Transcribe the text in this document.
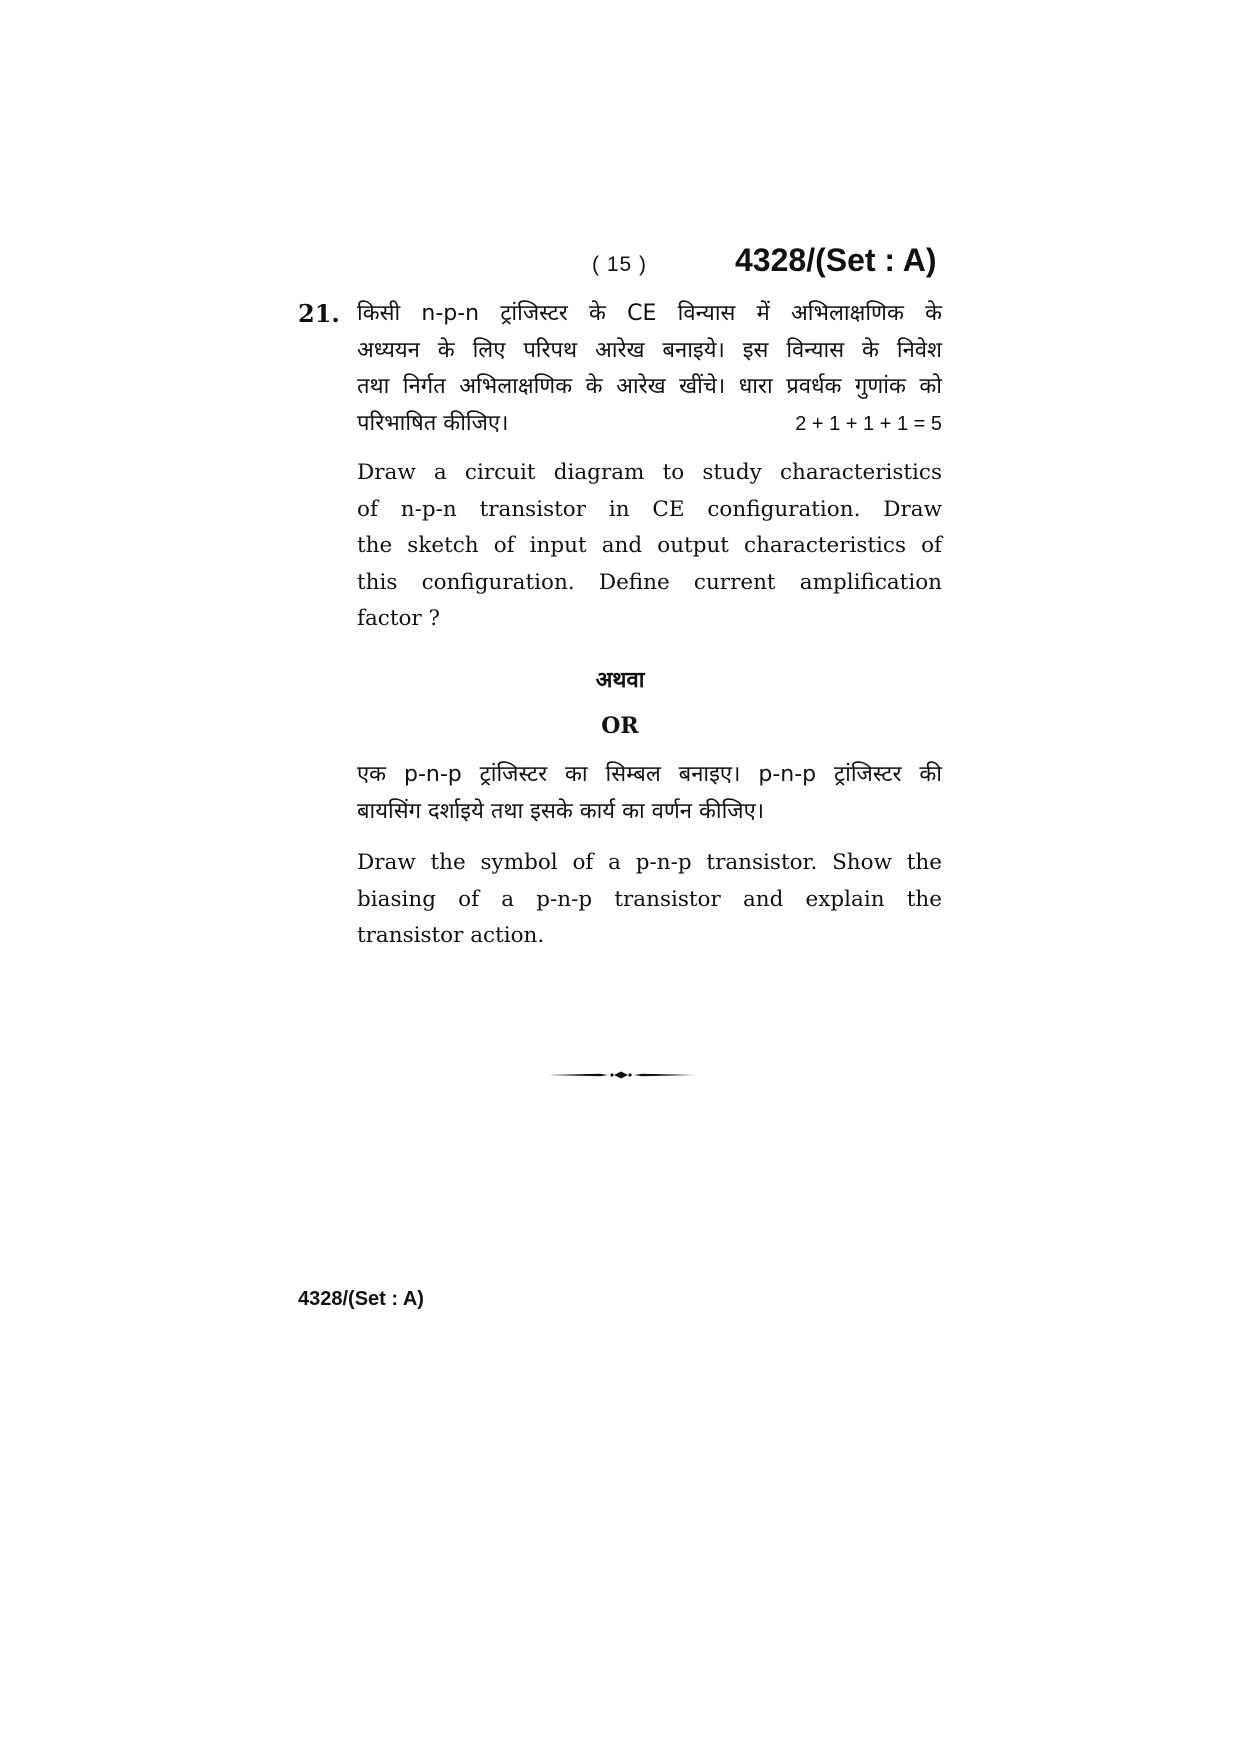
( 15 )	4328/(Set : A)
21. किसी n-p-n ट्रांजिस्टर के CE विन्यास में अभिलाक्षणिक के
अध्ययन के लिए परिपथ आरेख बनाइये। इस विन्यास के निवेश
तथा निर्गत अभिलाक्षणिक के आरेख खींचे। धारा प्रवर्धक गुणांक को
परिभाषित कीजिए।	2 + 1 + 1 + 1 = 5
Draw a circuit diagram to study characteristics
of n-p-n transistor in CE configuration. Draw
the sketch of input and output characteristics of
this configuration. Define current amplification
factor ?
अथवा
OR
एक p-n-p ट्रांजिस्टर का सिम्बल बनाइए। p-n-p ट्रांजिस्टर की
बायसिंग दर्शाइये तथा इसके कार्य का वर्णन कीजिए।
Draw the symbol of a p-n-p transistor. Show the
biasing of a p-n-p transistor and explain the
transistor action.
4328/(Set : A)
